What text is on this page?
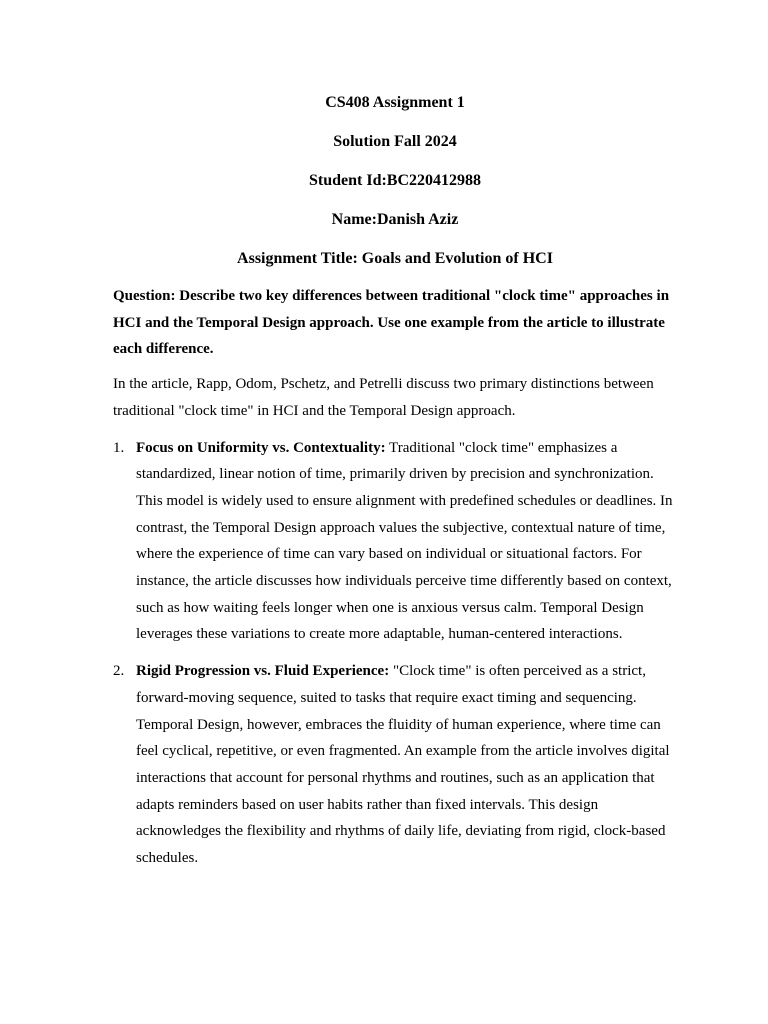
CS408 Assignment 1
Solution Fall 2024
Student Id:BC220412988
Name:Danish Aziz
Assignment Title: Goals and Evolution of HCI

Question: Describe two key differences between traditional "clock time" approaches in HCI and the Temporal Design approach. Use one example from the article to illustrate each difference.

In the article, Rapp, Odom, Pschetz, and Petrelli discuss two primary distinctions between traditional "clock time" in HCI and the Temporal Design approach.

1. Focus on Uniformity vs. Contextuality: Traditional "clock time" emphasizes a standardized, linear notion of time, primarily driven by precision and synchronization. This model is widely used to ensure alignment with predefined schedules or deadlines. In contrast, the Temporal Design approach values the subjective, contextual nature of time, where the experience of time can vary based on individual or situational factors. For instance, the article discusses how individuals perceive time differently based on context, such as how waiting feels longer when one is anxious versus calm. Temporal Design leverages these variations to create more adaptable, human-centered interactions.
2. Rigid Progression vs. Fluid Experience: "Clock time" is often perceived as a strict, forward-moving sequence, suited to tasks that require exact timing and sequencing. Temporal Design, however, embraces the fluidity of human experience, where time can feel cyclical, repetitive, or even fragmented. An example from the article involves digital interactions that account for personal rhythms and routines, such as an application that adapts reminders based on user habits rather than fixed intervals. This design acknowledges the flexibility and rhythms of daily life, deviating from rigid, clock-based schedules.
